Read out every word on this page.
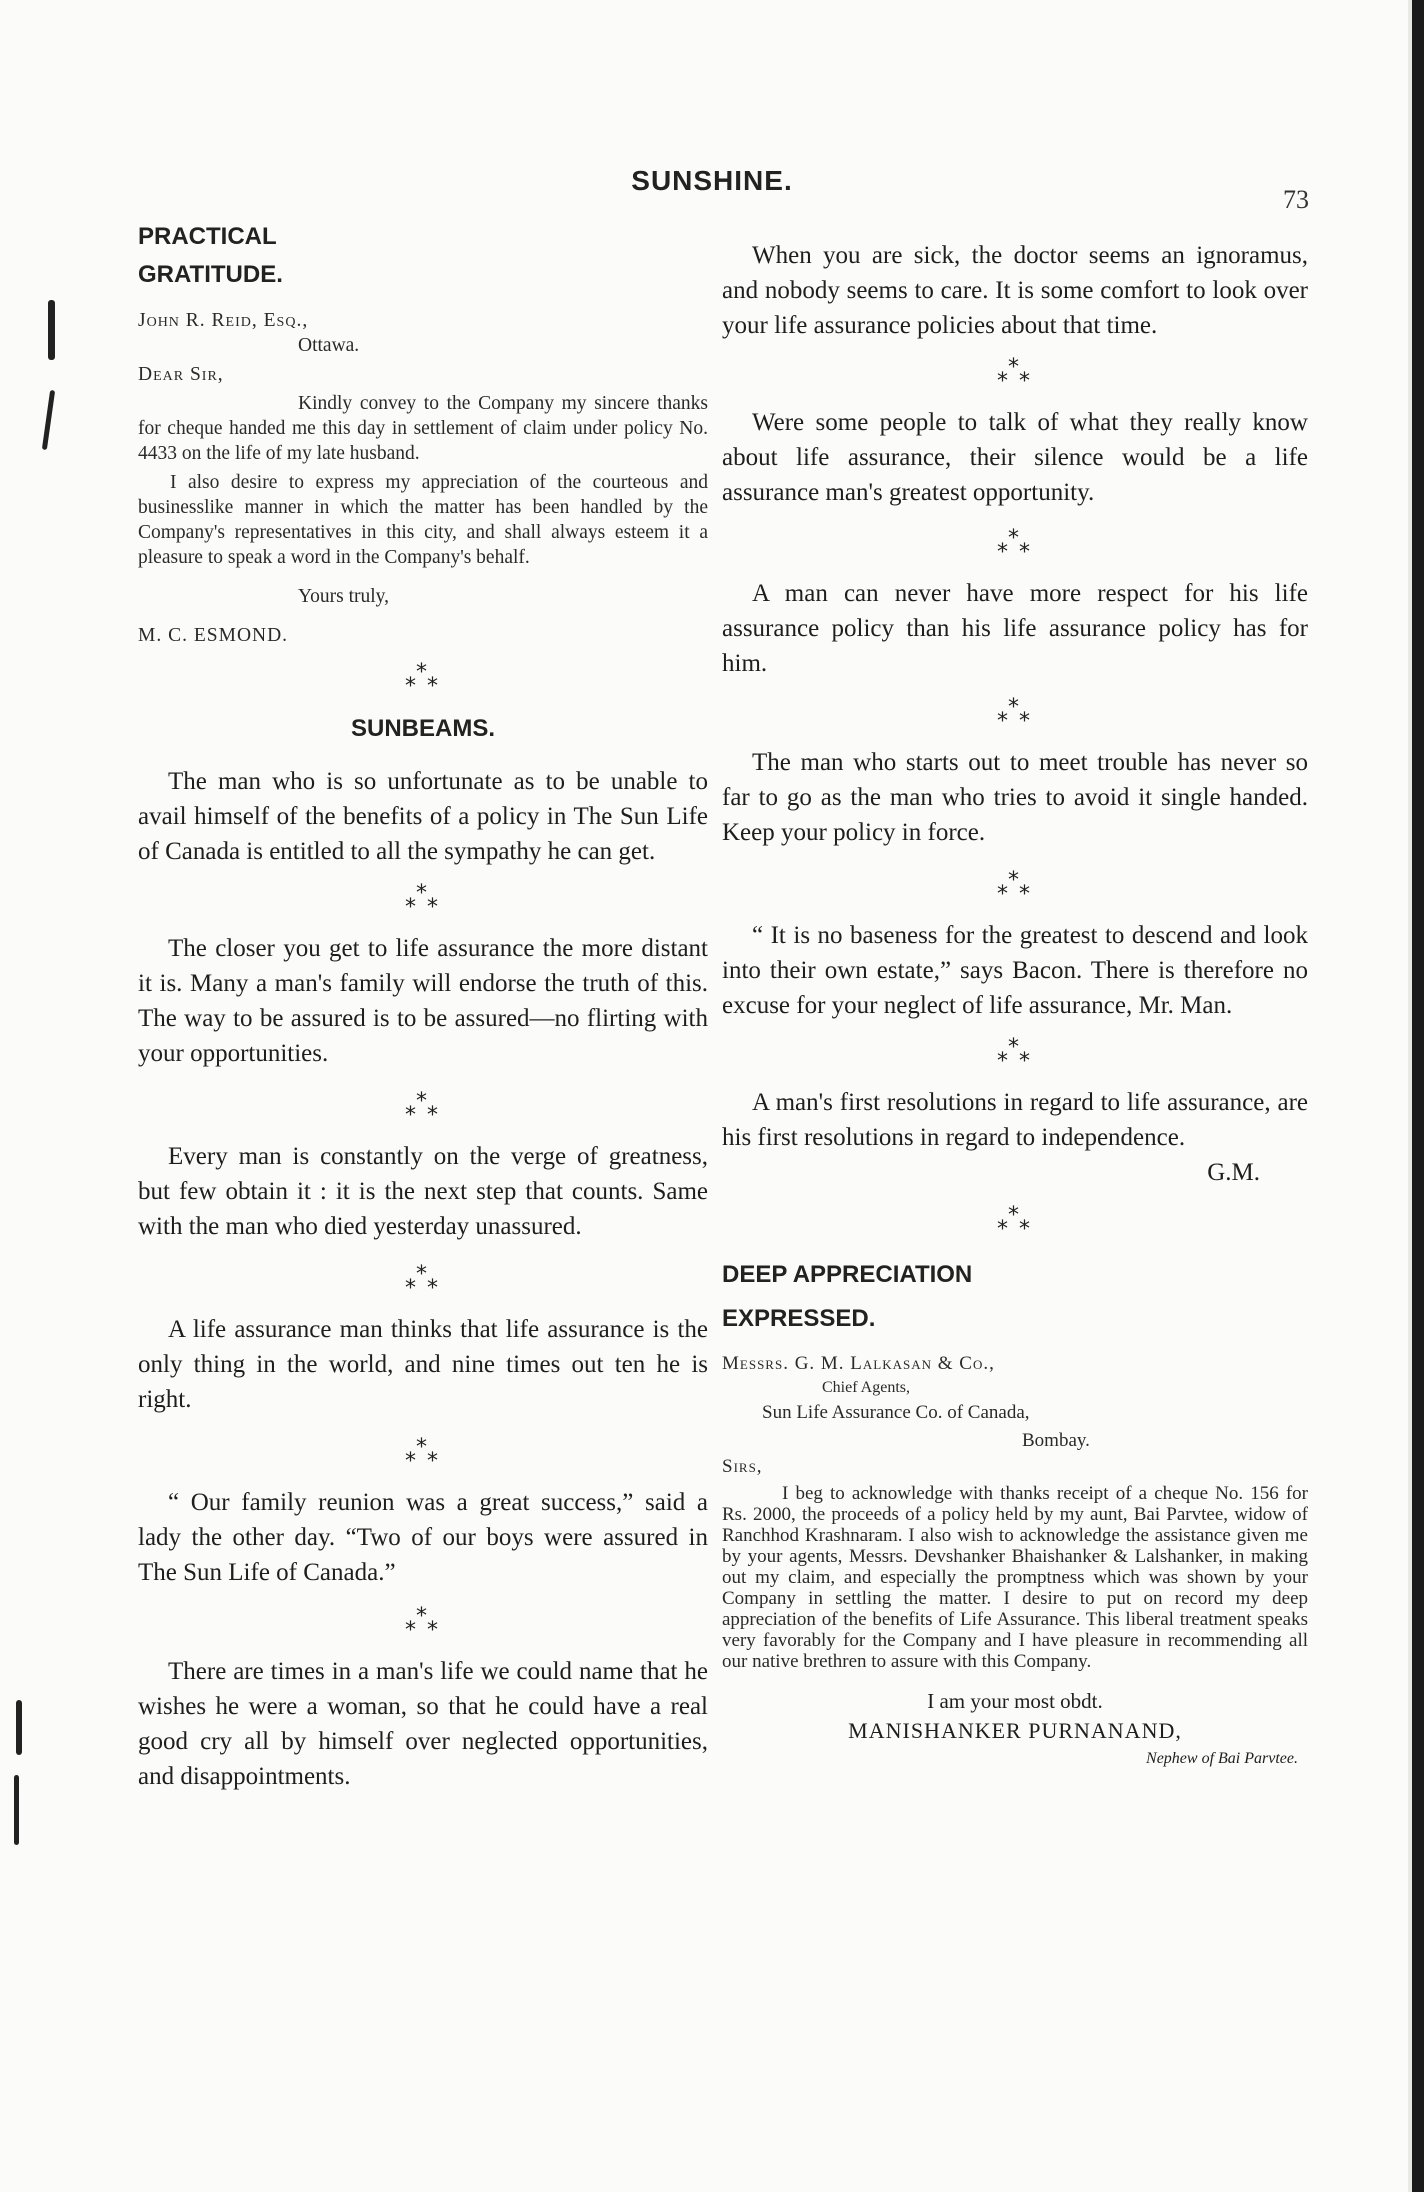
SUNSHINE.
73
PRACTICAL
GRATITUDE.

John R. Reid, Esq.,

Ottawa.

Dear Sir,

Kindly convey to the Company my sincere thanks for cheque handed me this day in settlement of claim under policy No. 4433 on the life of my late husband.

I also desire to express my appreciation of the courteous and businesslike manner in which the matter has been handled by the Company's representatives in this city, and shall always esteem it a pleasure to speak a word in the Company's behalf.

Yours truly,

M. C. ESMOND.

*
* *
SUNBEAMS.

The man who is so unfortunate as to be unable to avail himself of the benefits of a policy in The Sun Life of Canada is entitled to all the sympathy he can get.

*
* *

The closer you get to life assurance the more distant it is. Many a man's family will endorse the truth of this. The way to be assured is to be assured—no flirting with your opportunities.

*
* *

Every man is constantly on the verge of greatness, but few obtain it : it is the next step that counts. Same with the man who died yesterday unassured.

*
* *

A life assurance man thinks that life assurance is the only thing in the world, and nine times out ten he is right.

*
* *

“ Our family reunion was a great success,” said a lady the other day. “Two of our boys were assured in The Sun Life of Canada.”

*
* *

There are times in a man's life we could name that he wishes he were a woman, so that he could have a real good cry all by himself over neglected opportunities, and disappointments.

When you are sick, the doctor seems an ignoramus, and nobody seems to care. It is some comfort to look over your life assurance policies about that time.

*
* *

Were some people to talk of what they really know about life assurance, their silence would be a life assurance man's greatest opportunity.

*
* *

A man can never have more respect for his life assurance policy than his life assurance policy has for him.

*
* *

The man who starts out to meet trouble has never so far to go as the man who tries to avoid it single handed. Keep your policy in force.

*
* *

“ It is no baseness for the greatest to descend and look into their own estate,” says Bacon. There is therefore no excuse for your neglect of life assurance, Mr. Man.

*
* *

A man's first resolutions in regard to life assurance, are his first resolutions in regard to independence.

G.M.
*
* *
DEEP APPRECIATION
EXPRESSED.

Messrs. G. M. Lalkasan & Co.,

Chief Agents,

Sun Life Assurance Co. of Canada,

Bombay.

Sirs,

I beg to acknowledge with thanks receipt of a cheque No. 156 for Rs. 2000, the proceeds of a policy held by my aunt, Bai Parvtee, widow of Ranchhod Krashnaram. I also wish to acknowledge the assistance given me by your agents, Messrs. Devshanker Bhaishanker & Lalshanker, in making out my claim, and especially the promptness which was shown by your Company in settling the matter. I desire to put on record my deep appreciation of the benefits of Life Assurance. This liberal treatment speaks very favorably for the Company and I have pleasure in recommending all our native brethren to assure with this Company.

I am your most obdt.
MANISHANKER PURNANAND,
Nephew of Bai Parvtee.
